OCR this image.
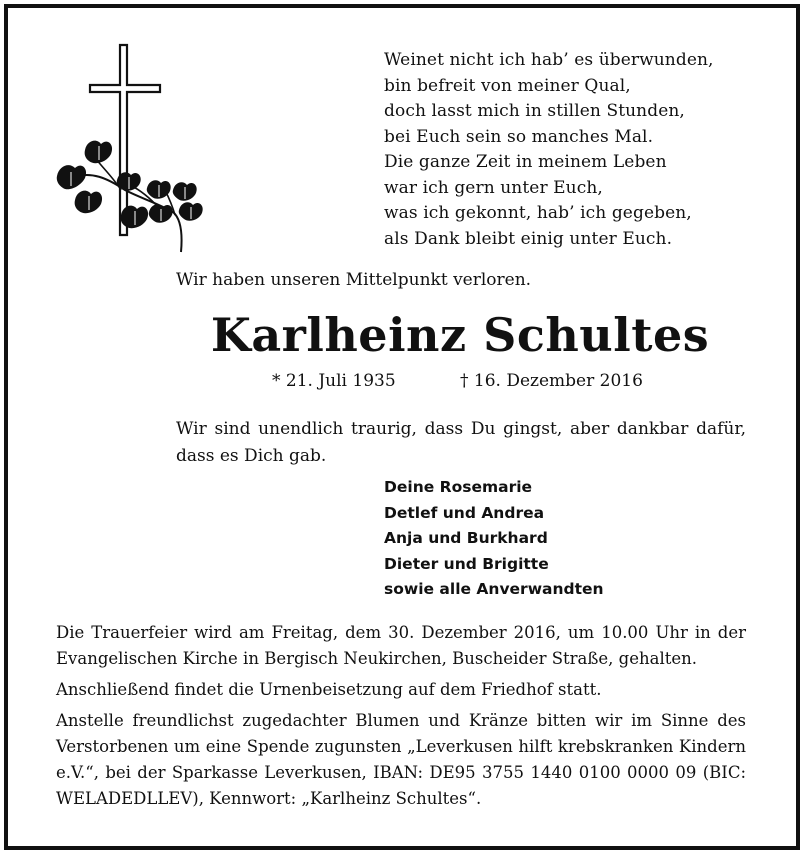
Weinet nicht ich hab’ es überwunden,
bin befreit von meiner Qual,
doch lasst mich in stillen Stunden,
bei Euch sein so manches Mal.
Die ganze Zeit in meinem Leben
war ich gern unter Euch,
was ich gekonnt, hab’ ich gegeben,
als Dank bleibt einig unter Euch.
Wir haben unseren Mittelpunkt verloren.
Karlheinz Schultes
* 21. Juli 1935	† 16. Dezember 2016
Wir sind unendlich traurig, dass Du gingst, aber dankbar dafür, dass es Dich gab.
Deine Rosemarie
Detlef und Andrea
Anja und Burkhard
Dieter und Brigitte
sowie alle Anverwandten

Die Trauerfeier wird am Freitag, dem 30. Dezember 2016, um 10.00 Uhr in der Evangelischen Kirche in Bergisch Neukirchen, Buscheider Straße, gehalten.

Anschließend findet die Urnenbeisetzung auf dem Friedhof statt.

Anstelle freundlichst zugedachter Blumen und Kränze bitten wir im Sinne des Verstorbenen um eine Spende zugunsten „Leverkusen hilft krebskranken Kindern e.V.“, bei der Sparkasse Leverkusen, IBAN: DE95 3755 1440 0100 0000 09 (BIC: WELADEDLLEV), Kennwort: „Karlheinz Schultes“.
